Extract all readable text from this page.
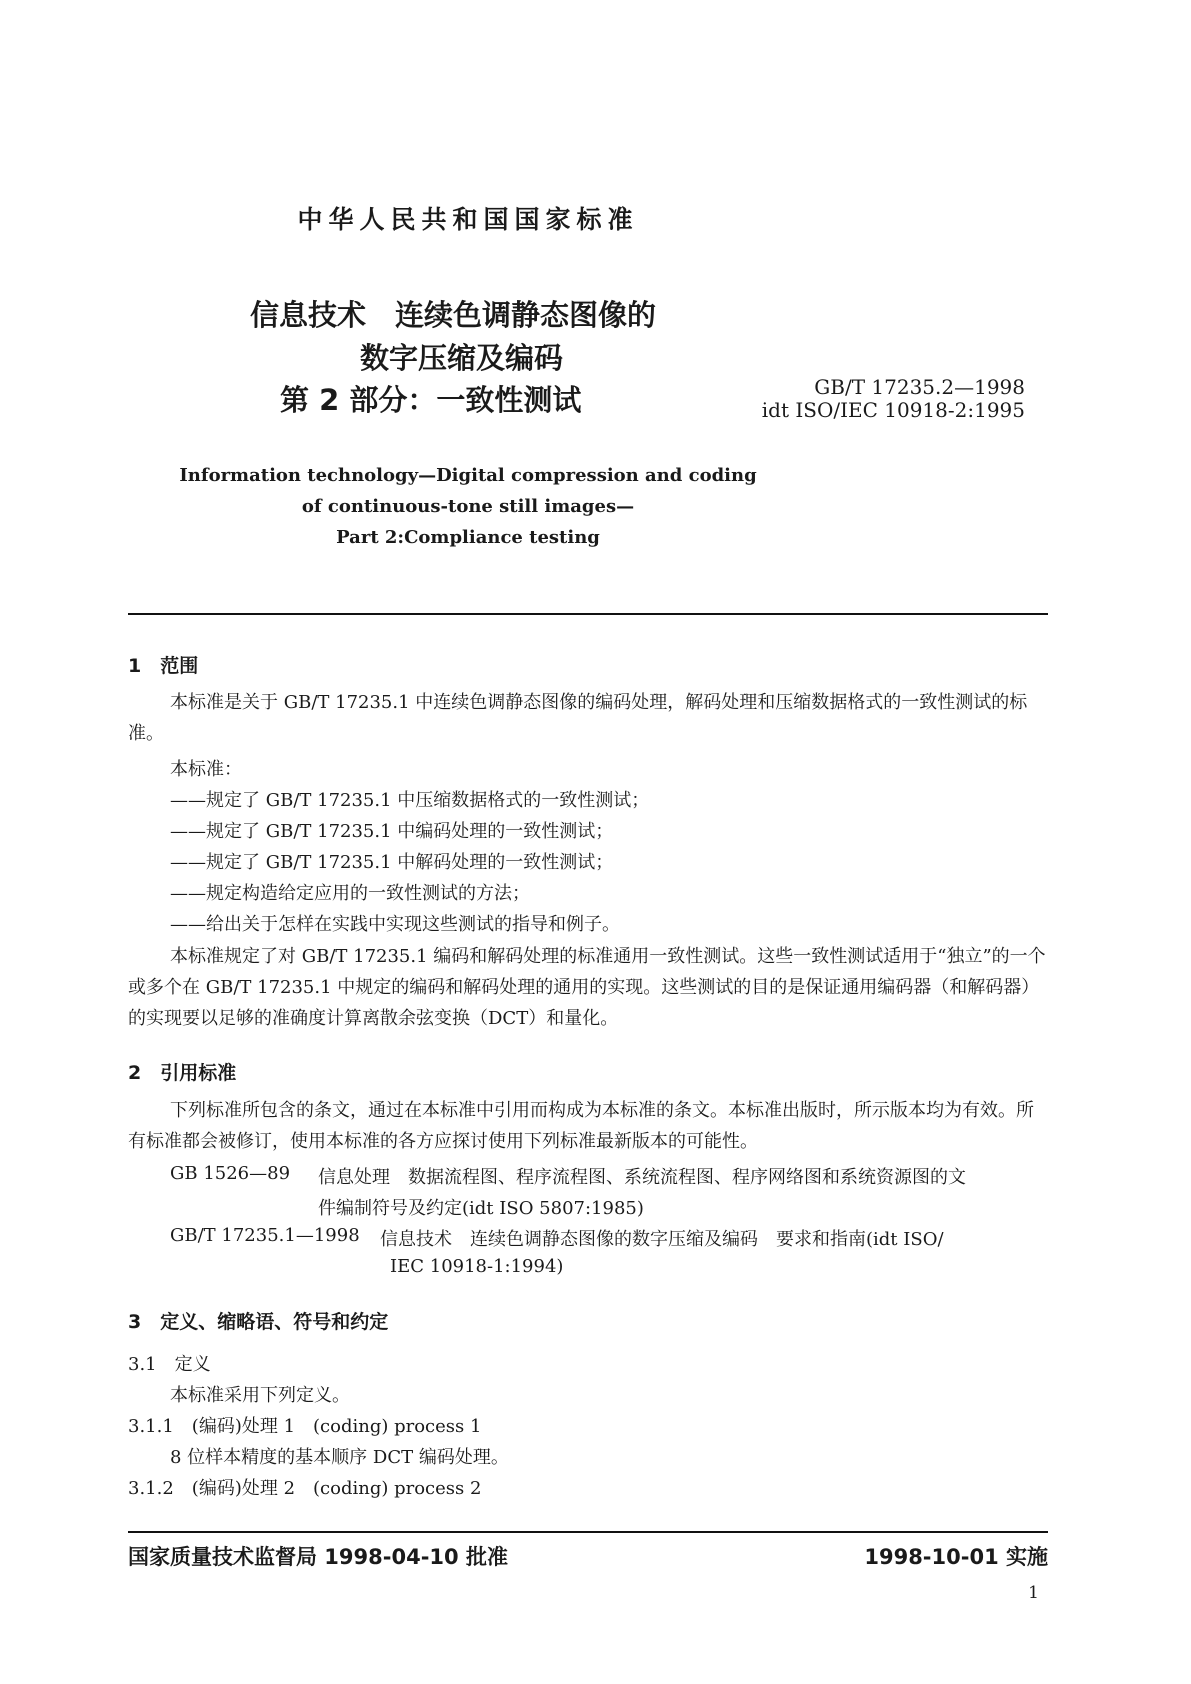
中华人民共和国国家标准
信息技术　连续色调静态图像的
数字压缩及编码
第 2 部分：一致性测试	GB/T 17235.2—1998
idt ISO/IEC 10918-2:1995
Information technology—Digital compression and coding
of continuous-tone still images—
Part 2:Compliance testing
1　范围
本标准是关于 GB/T 17235.1 中连续色调静态图像的编码处理，解码处理和压缩数据格式的一致性测试的标准。
本标准：
——规定了 GB/T 17235.1 中压缩数据格式的一致性测试；
——规定了 GB/T 17235.1 中编码处理的一致性测试；
——规定了 GB/T 17235.1 中解码处理的一致性测试；
——规定构造给定应用的一致性测试的方法；
——给出关于怎样在实践中实现这些测试的指导和例子。
本标准规定了对 GB/T 17235.1 编码和解码处理的标准通用一致性测试。这些一致性测试适用于“独立”的一个或多个在 GB/T 17235.1 中规定的编码和解码处理的通用的实现。这些测试的目的是保证通用编码器（和解码器）的实现要以足够的准确度计算离散余弦变换（DCT）和量化。
2　引用标准
下列标准所包含的条文，通过在本标准中引用而构成为本标准的条文。本标准出版时，所示版本均为有效。所有标准都会被修订，使用本标准的各方应探讨使用下列标准最新版本的可能性。
GB 1526—89 信息处理　数据流程图、程序流程图、系统流程图、程序网络图和系统资源图的文
件编制符号及约定(idt ISO 5807:1985)
GB/T 17235.1—1998 信息技术　连续色调静态图像的数字压缩及编码　要求和指南(idt ISO/
IEC 10918-1:1994)
3　定义、缩略语、符号和约定
3.1　定义
本标准采用下列定义。
3.1.1　(编码)处理 1　(coding) process 1
8 位样本精度的基本顺序 DCT 编码处理。
3.1.2　(编码)处理 2　(coding) process 2
国家质量技术监督局 1998-04-10 批准	1998-10-01 实施
1
